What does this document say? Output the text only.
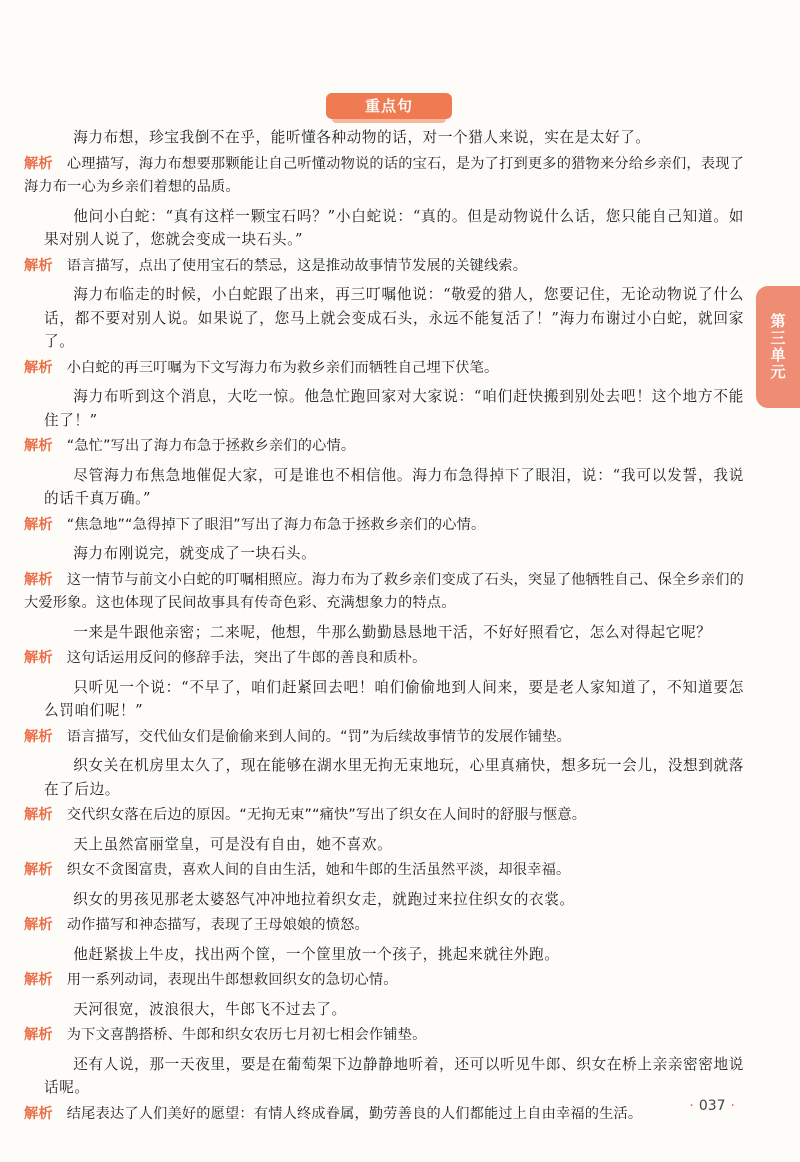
重点句
第三单元

海力布想，珍宝我倒不在乎，能听懂各种动物的话，对一个猎人来说，实在是太好了。

解析 心理描写，海力布想要那颗能让自己听懂动物说的话的宝石，是为了打到更多的猎物来分给乡亲们，表现了海力布一心为乡亲们着想的品质。

他问小白蛇：“真有这样一颗宝石吗？”小白蛇说：“真的。但是动物说什么话，您只能自己知道。如果对别人说了，您就会变成一块石头。”

解析 语言描写，点出了使用宝石的禁忌，这是推动故事情节发展的关键线索。

海力布临走的时候，小白蛇跟了出来，再三叮嘱他说：“敬爱的猎人，您要记住，无论动物说了什么话，都不要对别人说。如果说了，您马上就会变成石头，永远不能复活了！”海力布谢过小白蛇，就回家了。

解析 小白蛇的再三叮嘱为下文写海力布为救乡亲们而牺牲自己埋下伏笔。

海力布听到这个消息，大吃一惊。他急忙跑回家对大家说：“咱们赶快搬到别处去吧！这个地方不能住了！”

解析 “急忙”写出了海力布急于拯救乡亲们的心情。

尽管海力布焦急地催促大家，可是谁也不相信他。海力布急得掉下了眼泪，说：“我可以发誓，我说的话千真万确。”

解析 “焦急地”“急得掉下了眼泪”写出了海力布急于拯救乡亲们的心情。

海力布刚说完，就变成了一块石头。

解析 这一情节与前文小白蛇的叮嘱相照应。海力布为了救乡亲们变成了石头，突显了他牺牲自己、保全乡亲们的大爱形象。这也体现了民间故事具有传奇色彩、充满想象力的特点。

一来是牛跟他亲密；二来呢，他想，牛那么勤勤恳恳地干活，不好好照看它，怎么对得起它呢？

解析 这句话运用反问的修辞手法，突出了牛郎的善良和质朴。

只听见一个说：“不早了，咱们赶紧回去吧！咱们偷偷地到人间来，要是老人家知道了，不知道要怎么罚咱们呢！”

解析 语言描写，交代仙女们是偷偷来到人间的。“罚”为后续故事情节的发展作铺垫。

织女关在机房里太久了，现在能够在湖水里无拘无束地玩，心里真痛快，想多玩一会儿，没想到就落在了后边。

解析 交代织女落在后边的原因。“无拘无束”“痛快”写出了织女在人间时的舒服与惬意。

天上虽然富丽堂皇，可是没有自由，她不喜欢。

解析 织女不贪图富贵，喜欢人间的自由生活，她和牛郎的生活虽然平淡，却很幸福。

织女的男孩见那老太婆怒气冲冲地拉着织女走，就跑过来拉住织女的衣裳。

解析 动作描写和神态描写，表现了王母娘娘的愤怒。

他赶紧拔上牛皮，找出两个筐，一个筐里放一个孩子，挑起来就往外跑。

解析 用一系列动词，表现出牛郎想救回织女的急切心情。

天河很宽，波浪很大，牛郎飞不过去了。

解析 为下文喜鹊搭桥、牛郎和织女农历七月初七相会作铺垫。

还有人说，那一天夜里，要是在葡萄架下边静静地听着，还可以听见牛郎、织女在桥上亲亲密密地说话呢。

解析 结尾表达了人们美好的愿望：有情人终成眷属，勤劳善良的人们都能过上自由幸福的生活。	· 037 ·
